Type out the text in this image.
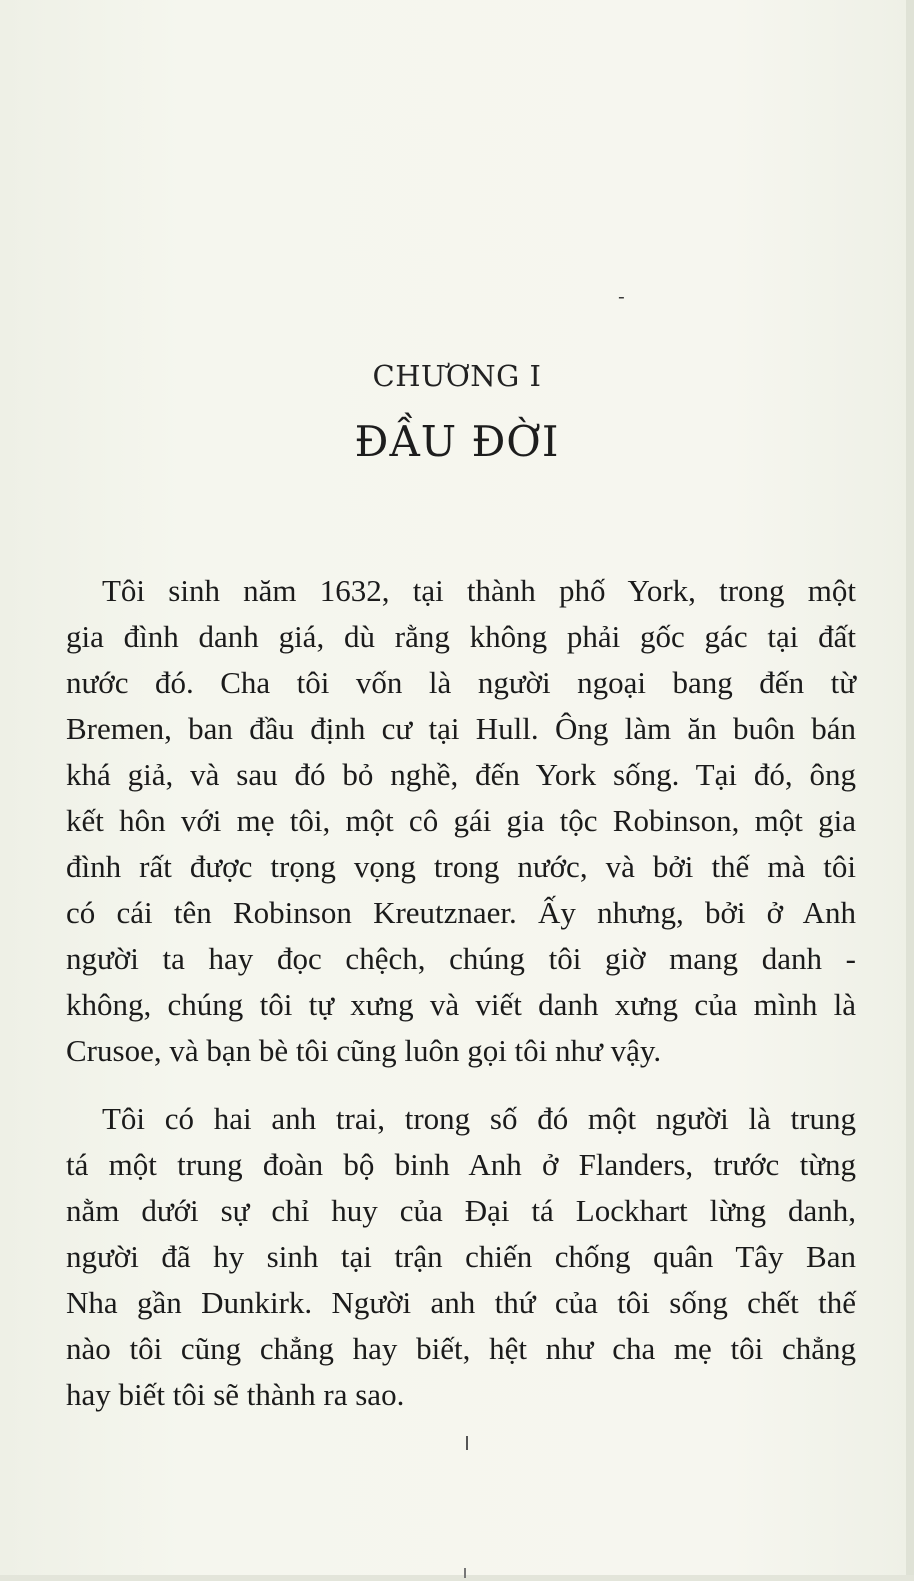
-
CHƯƠNG I
ĐẦU ĐỜI
Tôi sinh năm 1632, tại thành phố York, trong một
gia đình danh giá, dù rằng không phải gốc gác tại đất
nước đó. Cha tôi vốn là người ngoại bang đến từ
Bremen, ban đầu định cư tại Hull. Ông làm ăn buôn bán
khá giả, và sau đó bỏ nghề, đến York sống. Tại đó, ông
kết hôn với mẹ tôi, một cô gái gia tộc Robinson, một gia
đình rất được trọng vọng trong nước, và bởi thế mà tôi
có cái tên Robinson Kreutznaer. Ấy nhưng, bởi ở Anh
người ta hay đọc chệch, chúng tôi giờ mang danh -
không, chúng tôi tự xưng và viết danh xưng của mình là
Crusoe, và bạn bè tôi cũng luôn gọi tôi như vậy.
Tôi có hai anh trai, trong số đó một người là trung
tá một trung đoàn bộ binh Anh ở Flanders, trước từng
nằm dưới sự chỉ huy của Đại tá Lockhart lừng danh,
người đã hy sinh tại trận chiến chống quân Tây Ban
Nha gần Dunkirk. Người anh thứ của tôi sống chết thế
nào tôi cũng chẳng hay biết, hệt như cha mẹ tôi chẳng
hay biết tôi sẽ thành ra sao.
